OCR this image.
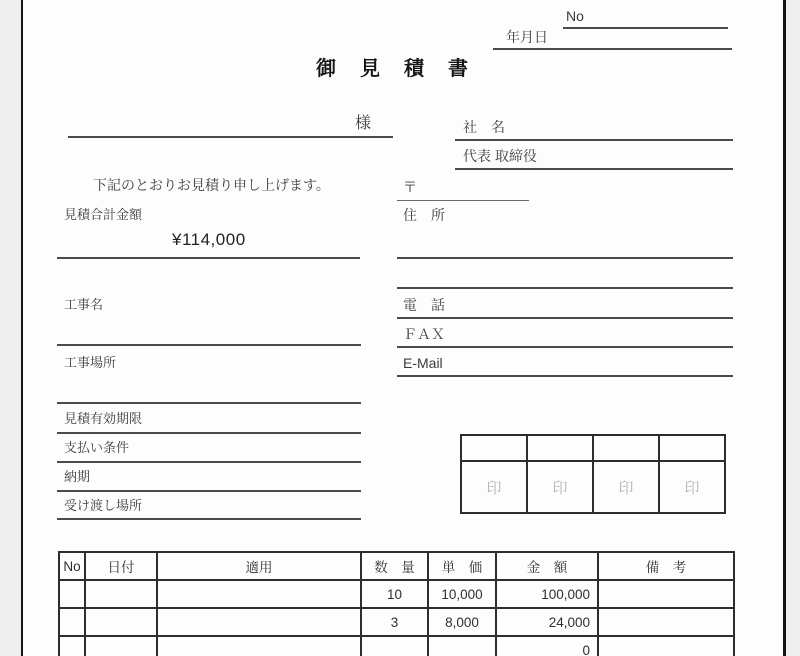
No
年月日
御　見　積　書
様	社　名
代表 取締役
下記のとおりお見積り申し上げます。	〒
住　所
見積合計金額
¥114,000
工事名
工事場所
電　話
ＦＡＸ
E-Mail
見積有効期限
支払い条件
納期
受け渡し場所

印	印	印	印
No	日付	適用	数　量	単　価	金　額	備　考
			10	10,000	100,000	
			3	8,000	24,000	
					0	
